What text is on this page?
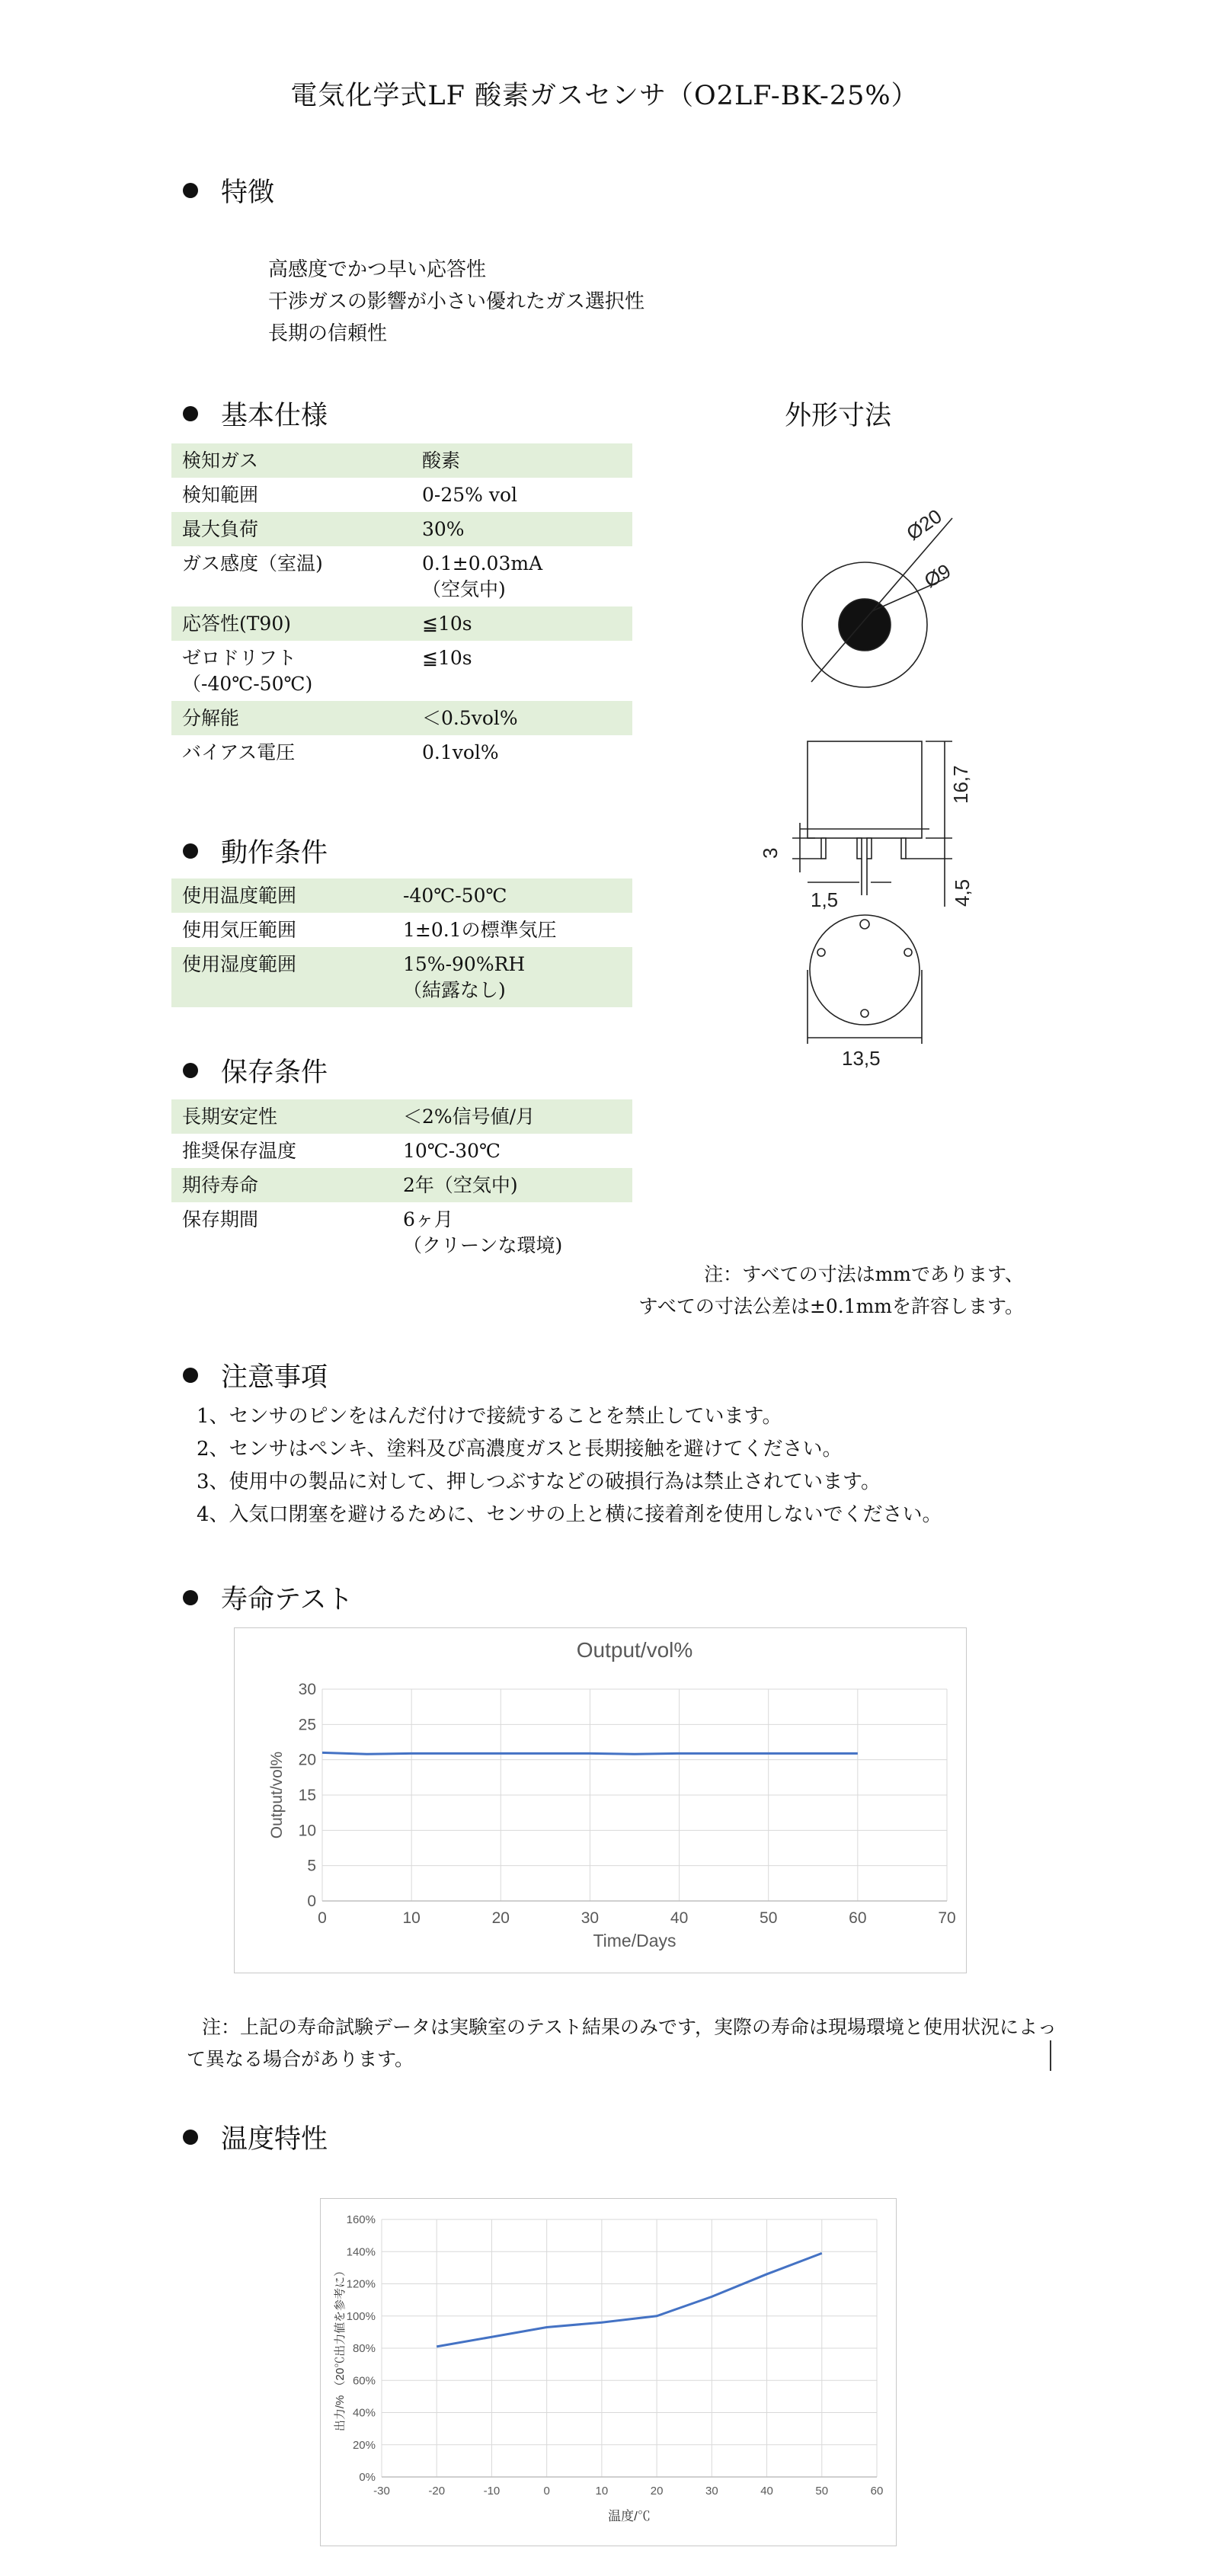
電気化学式LF 酸素ガスセンサ（O2LF-BK-25%）
特徴
高感度でかつ早い応答性
干渉ガスの影響が小さい優れたガス選択性
長期の信頼性
基本仕様	外形寸法
検知ガス	酸素
検知範囲	0-25% vol
最大負荷	30%
ガス感度（室温)	0.1±0.03mA
（空気中)
応答性(T90)	≦10s
ゼロドリフト
（-40℃-50℃)	≦10s
分解能	＜0.5vol%
バイアス電圧	0.1vol%
動作条件
使用温度範囲	-40℃-50℃
使用気圧範囲	1±0.1の標準気圧
使用湿度範囲	15%-90%RH
（結露なし)
保存条件
長期安定性	＜2%信号値/月
推奨保存温度	10℃-30℃
期待寿命	2年（空気中)
保存期間	6ヶ月
（クリーンな環境)
Ø20
Ø9
16,7
3
1,5	4,5
13,5
注：すべての寸法はmmであります、
すべての寸法公差は±0.1mmを許容します。
注意事項
1、センサのピンをはんだ付けで接続することを禁止しています。
2、センサはペンキ、塗料及び高濃度ガスと長期接触を避けてください。
3、使用中の製品に対して、押しつぶすなどの破損行為は禁止されています。
4、入気口閉塞を避けるために、センサの上と横に接着剤を使用しないでください。
寿命テスト
0
5
10
15
20
25
30
0	10	20	30	40	50	60	70
Output/vol%
Time/Days
Output/vol%
注：上記の寿命試験データは実験室のテスト結果のみです，実際の寿命は現場環境と使用状況によっ
て異なる場合があります。
温度特性
0%
20%
40%
60%
80%
100%
120%
140%
160%
-30	-20	-10	0	10	20	30	40	50	60
温度/℃
出力/% （20℃出力値を参考に）
